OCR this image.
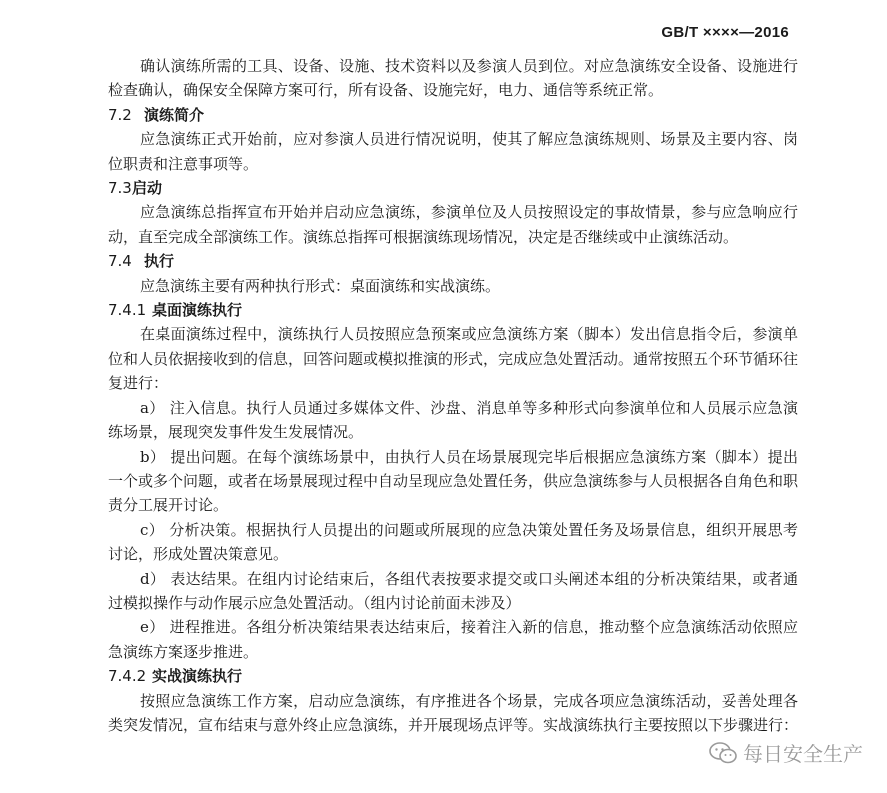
GB/T ××××—2016

确认演练所需的工具、设备、设施、技术资料以及参演人员到位。对应急演练安全设备、设施进行检查确认，确保安全保障方案可行，所有设备、设施完好，电力、通信等系统正常。

7.2 演练简介

应急演练正式开始前，应对参演人员进行情况说明，使其了解应急演练规则、场景及主要内容、岗位职责和注意事项等。

7.3启动

应急演练总指挥宣布开始并启动应急演练，参演单位及人员按照设定的事故情景，参与应急响应行动，直至完成全部演练工作。演练总指挥可根据演练现场情况，决定是否继续或中止演练活动。

7.4 执行

应急演练主要有两种执行形式：桌面演练和实战演练。

7.4.1 桌面演练执行

在桌面演练过程中，演练执行人员按照应急预案或应急演练方案（脚本）发出信息指令后，参演单位和人员依据接收到的信息，回答问题或模拟推演的形式，完成应急处置活动。通常按照五个环节循环往复进行：

a） 注入信息。执行人员通过多媒体文件、沙盘、消息单等多种形式向参演单位和人员展示应急演练场景，展现突发事件发生发展情况。

b） 提出问题。在每个演练场景中，由执行人员在场景展现完毕后根据应急演练方案（脚本）提出一个或多个问题，或者在场景展现过程中自动呈现应急处置任务，供应急演练参与人员根据各自角色和职责分工展开讨论。

c） 分析决策。根据执行人员提出的问题或所展现的应急决策处置任务及场景信息，组织开展思考讨论，形成处置决策意见。

d） 表达结果。在组内讨论结束后，各组代表按要求提交或口头阐述本组的分析决策结果，或者通过模拟操作与动作展示应急处置活动。（组内讨论前面未涉及）

e） 进程推进。各组分析决策结果表达结束后，接着注入新的信息，推动整个应急演练活动依照应急演练方案逐步推进。

7.4.2 实战演练执行

按照应急演练工作方案，启动应急演练，有序推进各个场景，完成各项应急演练活动，妥善处理各类突发情况，宣布结束与意外终止应急演练，并开展现场点评等。实战演练执行主要按照以下步骤进行：

每日安全生产
